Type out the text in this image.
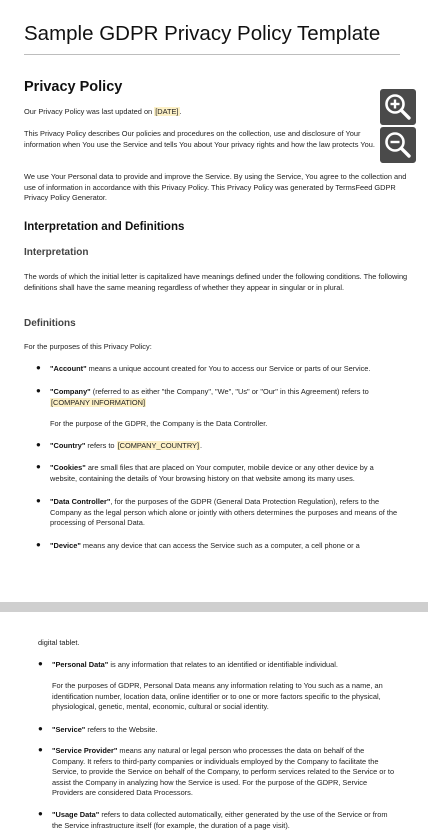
Sample GDPR Privacy Policy Template
Privacy Policy

Our Privacy Policy was last updated on [DATE].

This Privacy Policy describes Our policies and procedures on the collection, use and disclosure of Your information when You use the Service and tells You about Your privacy rights and how the law protects You.

We use Your Personal data to provide and improve the Service. By using the Service, You agree to the collection and use of information in accordance with this Privacy Policy. This Privacy Policy was generated by TermsFeed GDPR Privacy Policy Generator.

Interpretation and Definitions
Interpretation

The words of which the initial letter is capitalized have meanings defined under the following conditions. The following definitions shall have the same meaning regardless of whether they appear in singular or in plural.

Definitions

For the purposes of this Privacy Policy:

●	"Account" means a unique account created for You to access our Service or parts of our Service.

●	"Company" (referred to as either "the Company", "We", "Us" or "Our" in this Agreement) refers to [COMPANY INFORMATION]

For the purpose of the GDPR, the Company is the Data Controller.

●	"Country" refers to [COMPANY_COUNTRY].

●	"Cookies" are small files that are placed on Your computer, mobile device or any other device by a website, containing the details of Your browsing history on that website among its many uses.

●	"Data Controller", for the purposes of the GDPR (General Data Protection Regulation), refers to the Company as the legal person which alone or jointly with others determines the purposes and means of the processing of Personal Data.

●	"Device" means any device that can access the Service such as a computer, a cell phone or a

digital tablet.

●	"Personal Data" is any information that relates to an identified or identifiable individual.

For the purposes of GDPR, Personal Data means any information relating to You such as a name, an identification number, location data, online identifier or to one or more factors specific to the physical, physiological, genetic, mental, economic, cultural or social identity.

●	"Service" refers to the Website.

●	"Service Provider" means any natural or legal person who processes the data on behalf of the Company. It refers to third-party companies or individuals employed by the Company to facilitate the Service, to provide the Service on behalf of the Company, to perform services related to the Service or to assist the Company in analyzing how the Service is used. For the purpose of the GDPR, Service Providers are considered Data Processors.

●	"Usage Data" refers to data collected automatically, either generated by the use of the Service or from the Service infrastructure itself (for example, the duration of a page visit).
